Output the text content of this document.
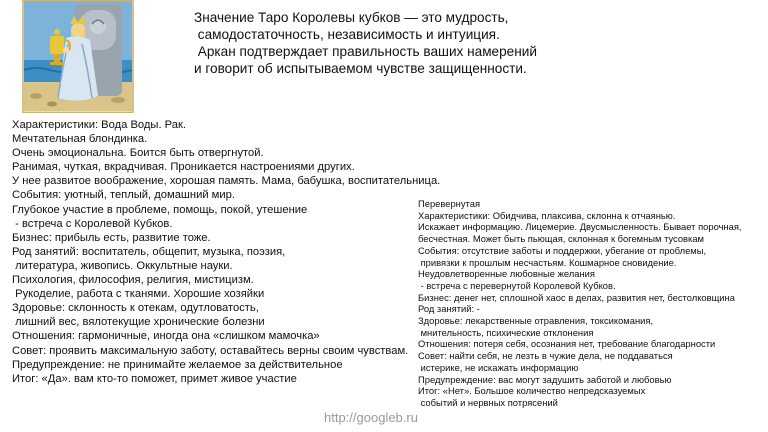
Значение Таро Королевы кубков — это мудрость,
самодостаточность, независимость и интуиция.
Аркан подтверждает правильность ваших намерений
и говорит об испытываемом чувстве защищенности.
Характеристики: Вода Воды. Рак.
Мечтательная блондинка.
Очень эмоциональна. Боится быть отвергнутой.
Ранимая, чуткая, вкрадчивая. Проникается настроениями других.
У нее развитое воображение, хорошая память. Мама, бабушка, воспитательница.
События: уютный, теплый, домашний мир.
Глубокое участие в проблеме, помощь, покой, утешение
- встреча с Королевой Кубков.
Бизнес: прибыль есть, развитие тоже.
Род занятий: воспитатель, общепит, музыка, поэзия,
литература, живопись. Оккультные науки.
Психология, философия, религия, мистицизм.
Рукоделие, работа с тканями. Хорошие хозяйки
Здоровье: склонность к отекам, одутловатость,
лишний вес, вялотекущие хронические болезни
Отношения: гармоничные, иногда она «слишком мамочка»
Совет: проявить максимальную заботу, оставайтесь верны своим чувствам.
Предупреждение: не принимайте желаемое за действительное
Итог: «Да». вам кто-то поможет, примет живое участие
Перевернутая
Характеристики: Обидчива, плаксива, склонна к отчаянью.
Искажает информацию. Лицемерие. Двусмысленность. Бывает порочная,
бесчестная. Может быть пьющая, склонная к богемным тусовкам
События: отсутствие заботы и поддержки, убегание от проблемы,
привязки к прошлым несчастьям. Кошмарное сновидение.
Неудовлетворенные любовные желания
- встреча с перевернутой Королевой Кубков.
Бизнес: денег нет, сплошной хаос в делах, развития нет, бестолковщина
Род занятий: -
Здоровье: лекарственные отравления, токсикомания,
мнительность, психические отклонения
Отношения: потеря себя, осознания нет, требование благодарности
Совет: найти себя, не лезть в чужие дела, не поддаваться
истерике, не искажать информацию
Предупреждение: вас могут задушить заботой и любовью
Итог: «Нет». Большое количество непредсказуемых
событий и нервных потрясений
http://googleb.ru
